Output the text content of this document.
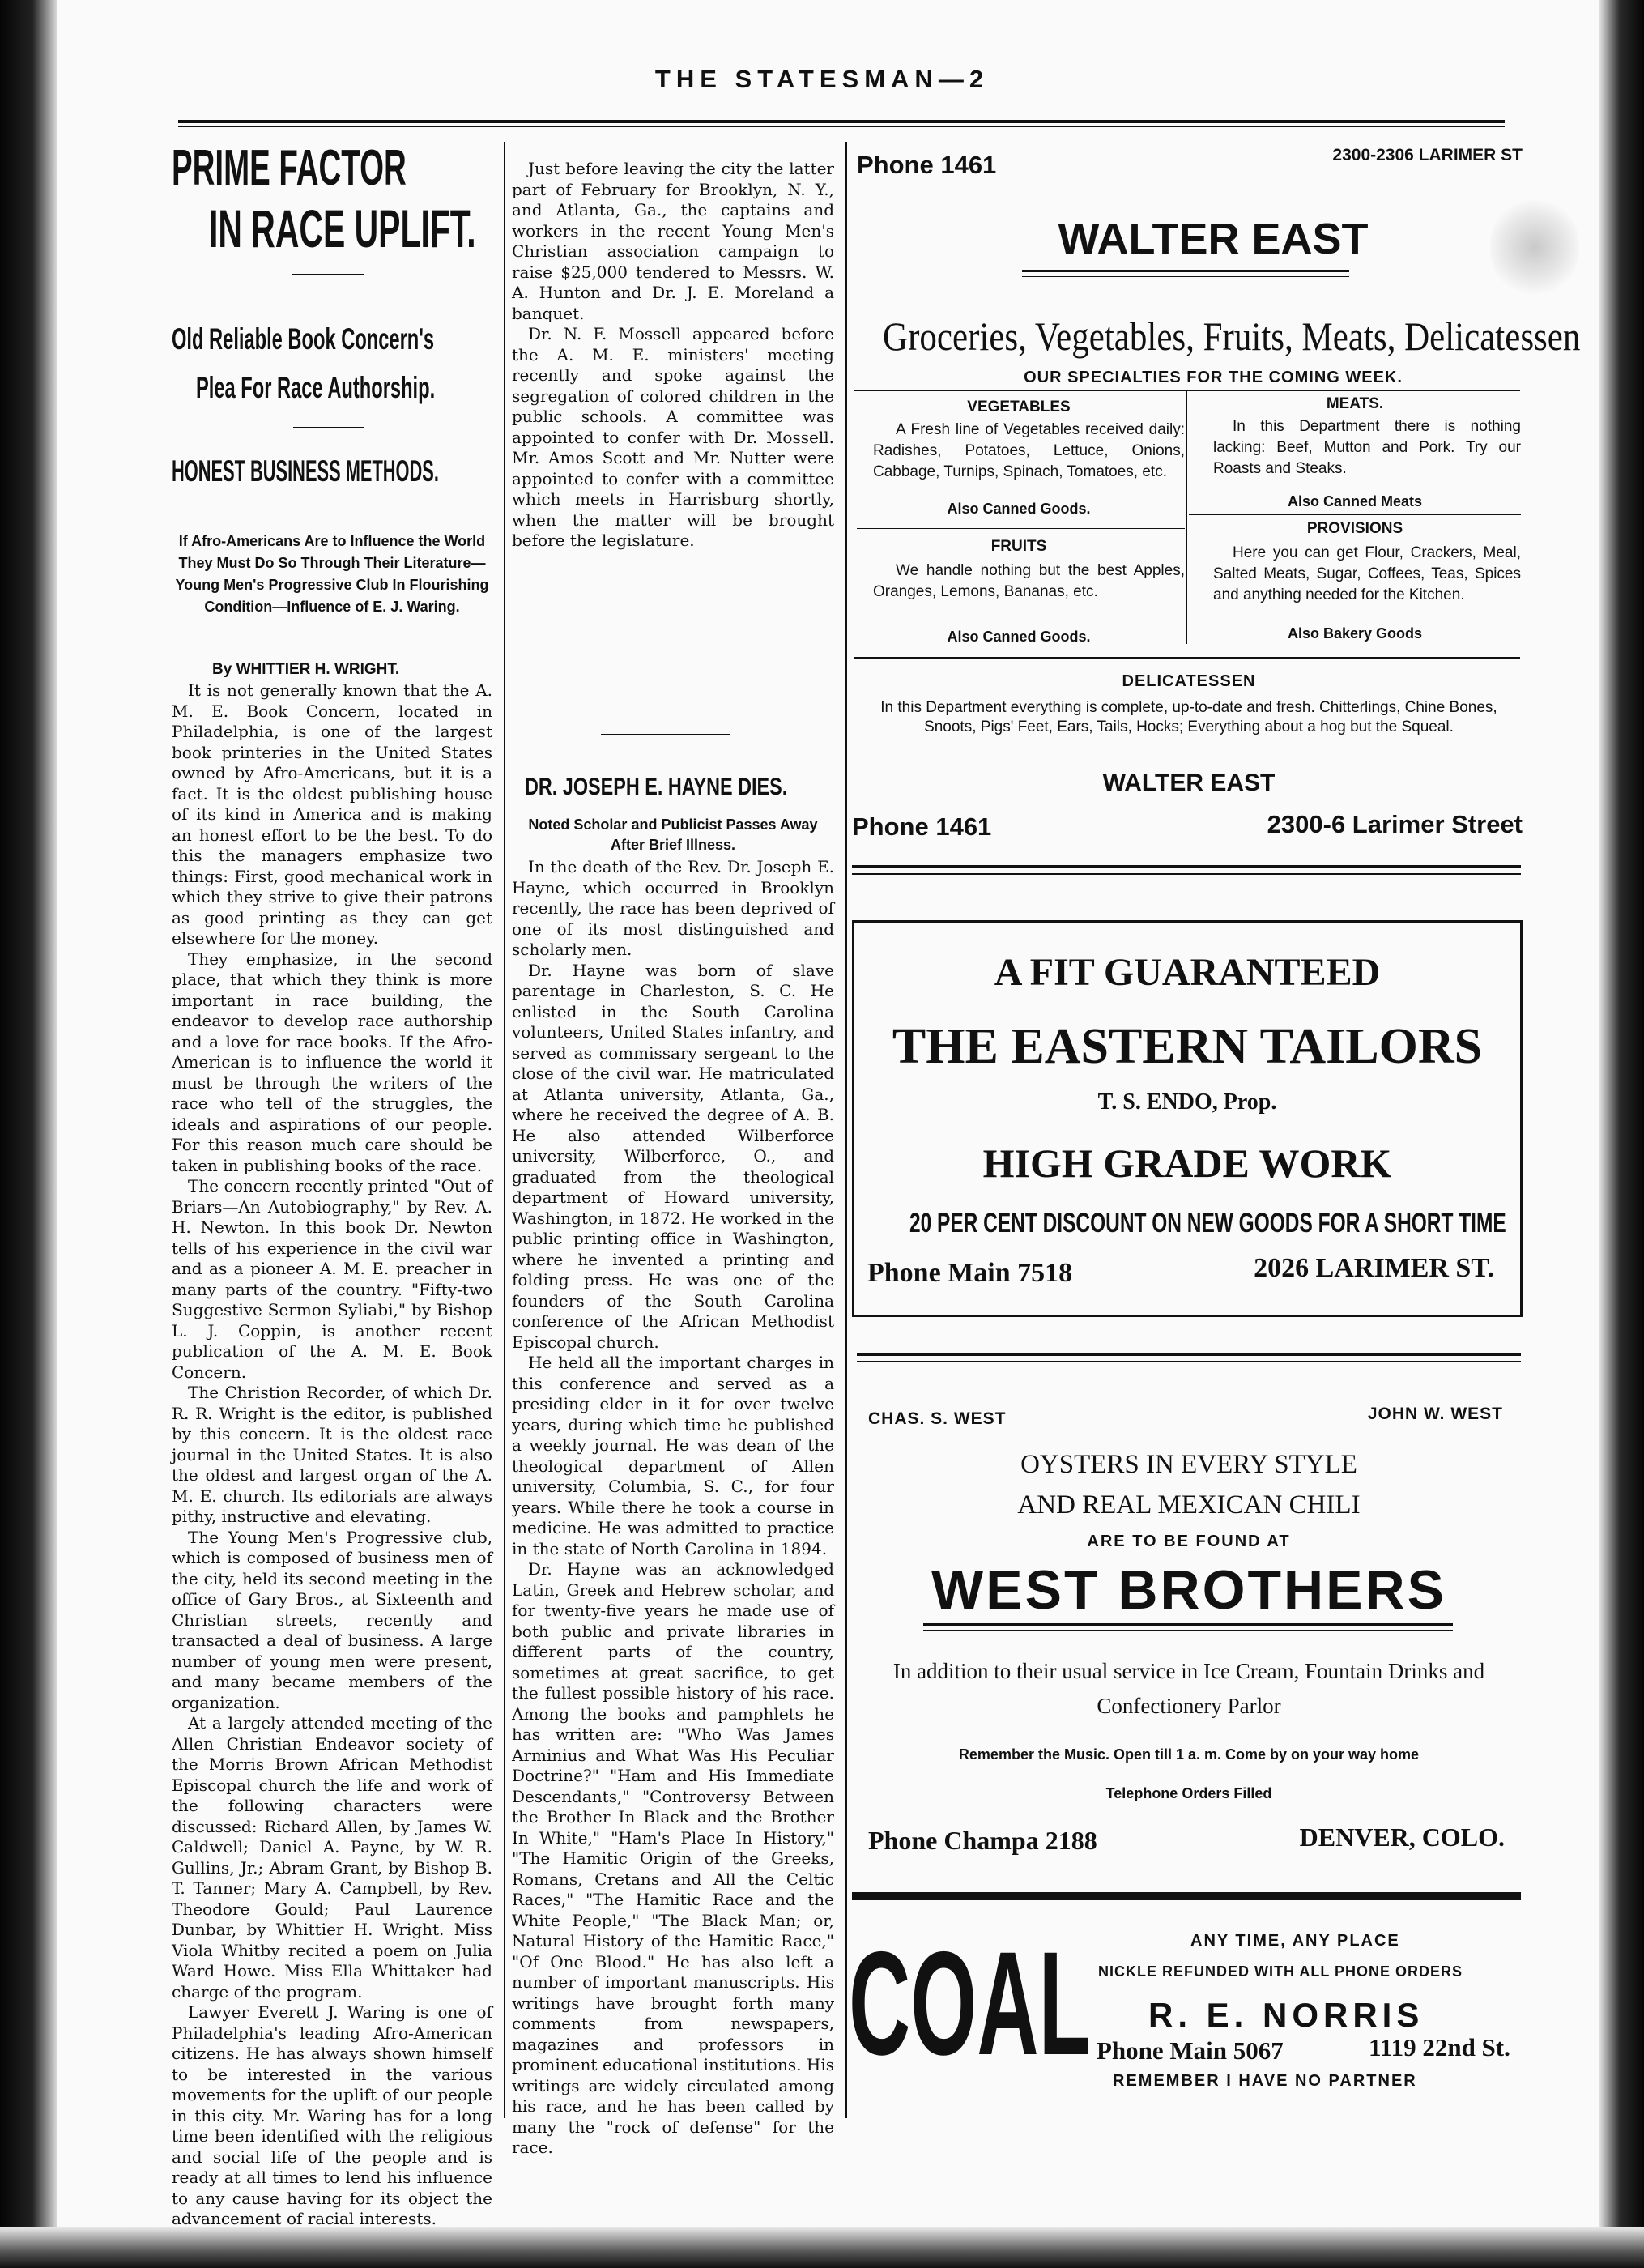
THE STATESMAN—2
PRIME FACTOR
IN RACE UPLIFT.
Old Reliable Book Concern's
Plea For Race Authorship.
HONEST BUSINESS METHODS.
If Afro-Americans Are to Influence the World They Must Do So Through Their Literature—Young Men's Progressive Club In Flourishing Condition—Influence of E. J. Waring.
By WHITTIER H. WRIGHT.

It is not generally known that the A. M. E. Book Concern, located in Philadelphia, is one of the largest book printeries in the United States owned by Afro-Americans, but it is a fact. It is the oldest publishing house of its kind in America and is making an honest effort to be the best. To do this the managers emphasize two things: First, good mechanical work in which they strive to give their patrons as good printing as they can get elsewhere for the money.

They emphasize, in the second place, that which they think is more important in race building, the endeavor to develop race authorship and a love for race books. If the Afro-American is to influence the world it must be through the writers of the race who tell of the struggles, the ideals and aspirations of our people. For this reason much care should be taken in publishing books of the race.

The concern recently printed "Out of Briars—An Autobiography," by Rev. A. H. Newton. In this book Dr. Newton tells of his experience in the civil war and as a pioneer A. M. E. preacher in many parts of the country. "Fifty-two Suggestive Sermon Syliabi," by Bishop L. J. Coppin, is another recent publication of the A. M. E. Book Concern.

The Christion Recorder, of which Dr. R. R. Wright is the editor, is published by this concern. It is the oldest race journal in the United States. It is also the oldest and largest organ of the A. M. E. church. Its editorials are always pithy, instructive and elevating.

The Young Men's Progressive club, which is composed of business men of the city, held its second meeting in the office of Gary Bros., at Sixteenth and Christian streets, recently and transacted a deal of business. A large number of young men were present, and many became members of the organization.

At a largely attended meeting of the Allen Christian Endeavor society of the Morris Brown African Methodist Episcopal church the life and work of the following characters were discussed: Richard Allen, by James W. Caldwell; Daniel A. Payne, by W. R. Gullins, Jr.; Abram Grant, by Bishop B. T. Tanner; Mary A. Campbell, by Rev. Theodore Gould; Paul Laurence Dunbar, by Whittier H. Wright. Miss Viola Whitby recited a poem on Julia Ward Howe. Miss Ella Whittaker had charge of the program.

Lawyer Everett J. Waring is one of Philadelphia's leading Afro-American citizens. He has always shown himself to be interested in the various movements for the uplift of our people in this city. Mr. Waring has for a long time been identified with the religious and social life of the people and is ready at all times to lend his influence to any cause having for its object the advancement of racial interests.

Just before leaving the city the latter part of February for Brooklyn, N. Y., and Atlanta, Ga., the captains and workers in the recent Young Men's Christian association campaign to raise $25,000 tendered to Messrs. W. A. Hunton and Dr. J. E. Moreland a banquet.

Dr. N. F. Mossell appeared before the A. M. E. ministers' meeting recently and spoke against the segregation of colored children in the public schools. A committee was appointed to confer with Dr. Mossell. Mr. Amos Scott and Mr. Nutter were appointed to confer with a committee which meets in Harrisburg shortly, when the matter will be brought before the legislature.

DR. JOSEPH E. HAYNE DIES.
Noted Scholar and Publicist Passes Away After Brief Illness.

In the death of the Rev. Dr. Joseph E. Hayne, which occurred in Brooklyn recently, the race has been deprived of one of its most distinguished and scholarly men.

Dr. Hayne was born of slave parentage in Charleston, S. C. He enlisted in the South Carolina volunteers, United States infantry, and served as commissary sergeant to the close of the civil war. He matriculated at Atlanta university, Atlanta, Ga., where he received the degree of A. B. He also attended Wilberforce university, Wilberforce, O., and graduated from the theological department of Howard university, Washington, in 1872. He worked in the public printing office in Washington, where he invented a printing and folding press. He was one of the founders of the South Carolina conference of the African Methodist Episcopal church.

He held all the important charges in this conference and served as a presiding elder in it for over twelve years, during which time he published a weekly journal. He was dean of the theological department of Allen university, Columbia, S. C., for four years. While there he took a course in medicine. He was admitted to practice in the state of North Carolina in 1894.

Dr. Hayne was an acknowledged Latin, Greek and Hebrew scholar, and for twenty-five years he made use of both public and private libraries in different parts of the country, sometimes at great sacrifice, to get the fullest possible history of his race. Among the books and pamphlets he has written are: "Who Was James Arminius and What Was His Peculiar Doctrine?" "Ham and His Immediate Descendants," "Controversy Between the Brother In Black and the Brother In White," "Ham's Place In History," "The Hamitic Origin of the Greeks, Romans, Cretans and All the Celtic Races," "The Hamitic Race and the White People," "The Black Man; or, Natural History of the Hamitic Race," "Of One Blood." He has also left a number of important manuscripts. His writings have brought forth many comments from newspapers, magazines and professors in prominent educational institutions. His writings are widely circulated among his race, and he has been called by many the "rock of defense" for the race.

Phone 1461	2300-2306 LARIMER ST
WALTER EAST
Groceries, Vegetables, Fruits, Meats, Delicatessen
OUR SPECIALTIES FOR THE COMING WEEK.
VEGETABLES
A Fresh line of Vegetables received daily: Radishes, Potatoes, Lettuce, Onions, Cabbage, Turnips, Spinach, Tomatoes, etc.
Also Canned Goods.
FRUITS
We handle nothing but the best Apples, Oranges, Lemons, Bananas, etc.
Also Canned Goods.
MEATS.
In this Department there is nothing lacking: Beef, Mutton and Pork. Try our Roasts and Steaks.
Also Canned Meats
PROVISIONS
Here you can get Flour, Crackers, Meal, Salted Meats, Sugar, Coffees, Teas, Spices and anything needed for the Kitchen.
Also Bakery Goods
DELICATESSEN
In this Department everything is complete, up-to-date and fresh. Chitterlings, Chine Bones, Snoots, Pigs' Feet, Ears, Tails, Hocks; Everything about a hog but the Squeal.
WALTER EAST
Phone 1461	2300-6 Larimer Street
A FIT GUARANTEED
THE EASTERN TAILORS
T. S. ENDO, Prop.
HIGH GRADE WORK
20 PER CENT DISCOUNT ON NEW GOODS FOR A SHORT TIME
Phone Main 7518	2026 LARIMER ST.
CHAS. S. WEST	JOHN W. WEST
OYSTERS IN EVERY STYLE
AND REAL MEXICAN CHILI
ARE TO BE FOUND AT
WEST BROTHERS
In addition to their usual service in Ice Cream, Fountain Drinks and Confectionery Parlor
Remember the Music. Open till 1 a. m. Come by on your way home
Telephone Orders Filled
Phone Champa 2188	DENVER, COLO.
COAL	ANY TIME, ANY PLACE
NICKLE REFUNDED WITH ALL PHONE ORDERS
R. E. NORRIS
Phone Main 5067	1119 22nd St.
REMEMBER I HAVE NO PARTNER
